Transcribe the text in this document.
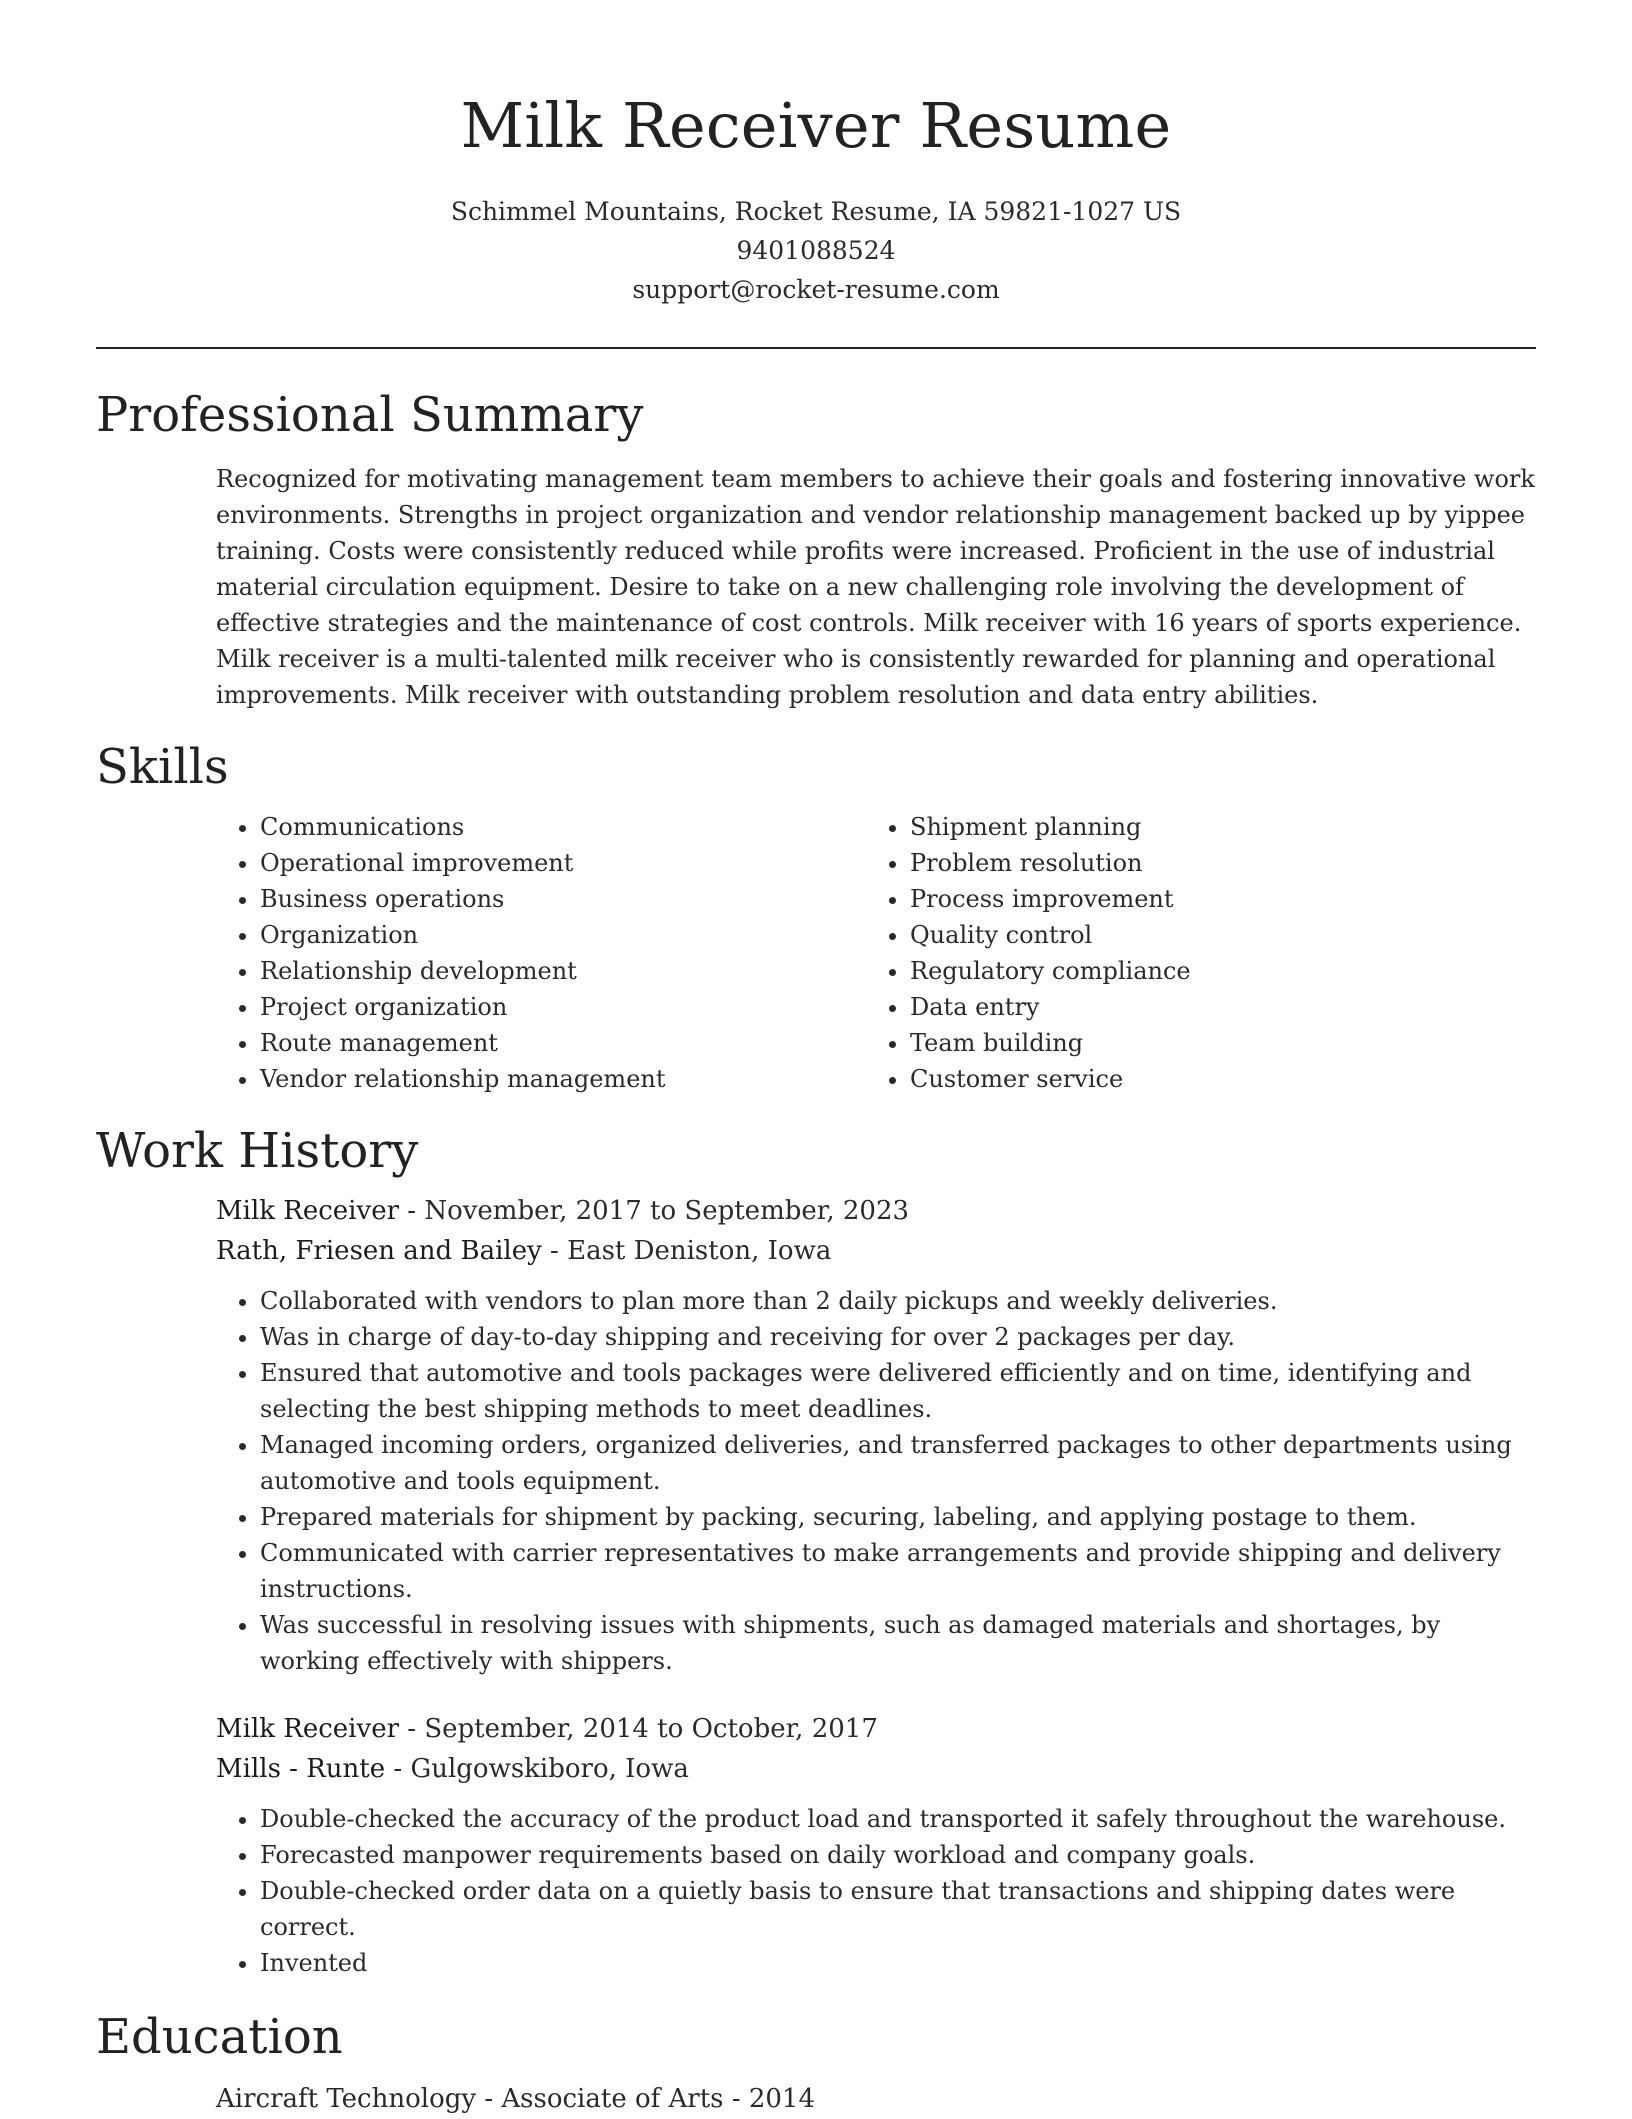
Milk Receiver Resume
Schimmel Mountains, Rocket Resume, IA 59821-1027 US
9401088524
support@rocket-resume.com
Professional Summary

Recognized for motivating management team members to achieve their goals and fostering innovative work environments. Strengths in project organization and vendor relationship management backed up by yippee training. Costs were consistently reduced while profits were increased. Proficient in the use of industrial material circulation equipment. Desire to take on a new challenging role involving the development of effective strategies and the maintenance of cost controls. Milk receiver with 16 years of sports experience. Milk receiver is a multi-talented milk receiver who is consistently rewarded for planning and operational improvements. Milk receiver with outstanding problem resolution and data entry abilities.

Skills
• Communications
• Operational improvement
• Business operations
• Organization
• Relationship development
• Project organization
• Route management
• Vendor relationship management
• Shipment planning
• Problem resolution
• Process improvement
• Quality control
• Regulatory compliance
• Data entry
• Team building
• Customer service
Work History
Milk Receiver - November, 2017 to September, 2023
Rath, Friesen and Bailey - East Deniston, Iowa
• Collaborated with vendors to plan more than 2 daily pickups and weekly deliveries.
• Was in charge of day-to-day shipping and receiving for over 2 packages per day.
• Ensured that automotive and tools packages were delivered efficiently and on time, identifying and selecting the best shipping methods to meet deadlines.
• Managed incoming orders, organized deliveries, and transferred packages to other departments using automotive and tools equipment.
• Prepared materials for shipment by packing, securing, labeling, and applying postage to them.
• Communicated with carrier representatives to make arrangements and provide shipping and delivery instructions.
• Was successful in resolving issues with shipments, such as damaged materials and shortages, by working effectively with shippers.
Milk Receiver - September, 2014 to October, 2017
Mills - Runte - Gulgowskiboro, Iowa
• Double-checked the accuracy of the product load and transported it safely throughout the warehouse.
• Forecasted manpower requirements based on daily workload and company goals.
• Double-checked order data on a quietly basis to ensure that transactions and shipping dates were correct.
• Invented
Education
Aircraft Technology - Associate of Arts - 2014
